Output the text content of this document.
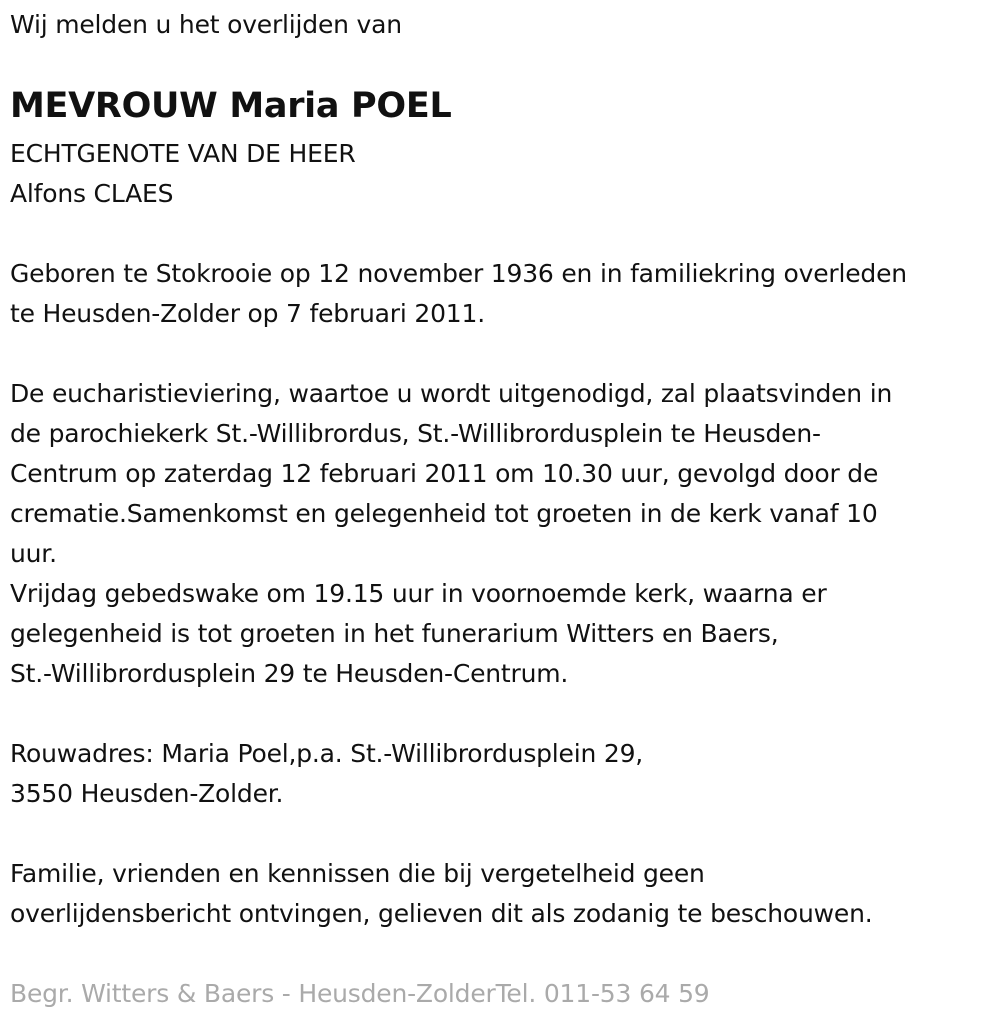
Wij melden u het overlijden van
MEVROUW Maria POEL
ECHTGENOTE VAN DE HEER
Alfons CLAES
Geboren te Stokrooie op 12 november 1936 en in familiekring overleden
te Heusden-Zolder op 7 februari 2011.
De eucharistieviering, waartoe u wordt uitgenodigd, zal plaatsvinden in
de parochiekerk St.-Willibrordus, St.-Willibrordusplein te Heusden-
Centrum op zaterdag 12 februari 2011 om 10.30 uur, gevolgd door de
crematie.Samenkomst en gelegenheid tot groeten in de kerk vanaf 10
uur.
Vrijdag gebedswake om 19.15 uur in voornoemde kerk, waarna er
gelegenheid is tot groeten in het funerarium Witters en Baers,
St.-Willibrordusplein 29 te Heusden-Centrum.
Rouwadres: Maria Poel,p.a. St.-Willibrordusplein 29,
3550 Heusden-Zolder.
Familie, vrienden en kennissen die bij vergetelheid geen
overlijdensbericht ontvingen, gelieven dit als zodanig te beschouwen.
Begr. Witters & Baers - Heusden-ZolderTel. 011-53 64 59
